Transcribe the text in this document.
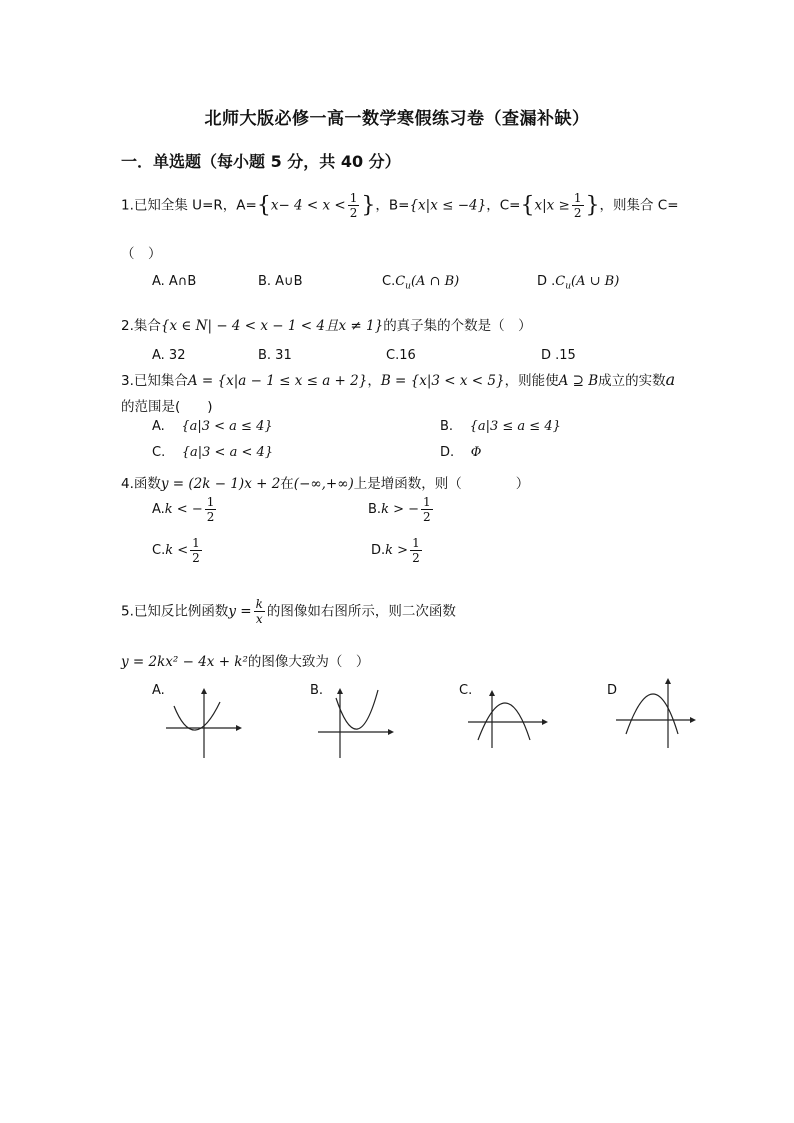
北师大版必修一高一数学寒假练习卷（查漏补缺）
一．单选题（每小题 5 分，共 40 分）
1.已知全集 U=R，$A=\{x- 4 < x < \frac{1}{2}$ }，B={x|x ≤ −4}，$C=\{x|x \ge \frac{1}{2}$ }，则集合 C=
（　）
A. A∩B	B. A∪B	$C.C_u(A$ ∩ B)	D $.C_u(A$ ∪ B)
2.集合{x ∈ N| − 4 < x − 1 < 4且x ≠ 1}的真子集的个数是（　）
A. 32	B. 31	C.16	D .15
3.已知集合A = {x|a − 1 ≤ x ≤ a + 2}，B = {x|3 < x < 5}，则能使A ⊇ B成立的实数a
的范围是(　　)
A. {a|3 < a ≤ 4}	B. {a|3 ≤ a ≤ 4}
C. {a|3 < a < 4}	D. Φ
4.函数y = (2k − 1)x + 2在(−∞,+∞)上是增函数，则（　　　　）
A.k < − $\frac{1}{2}$	B.k > − $\frac{1}{2}$
$C.k < \frac{1}{2}$	$D.k > \frac{1}{2}$
5.已知反比例函数$y = \frac{k}{x}$ 的图像如右图所示，则二次函数
y = 2kx² − 4x + k²的图像大致为（　）
A.	B.	C.	D
